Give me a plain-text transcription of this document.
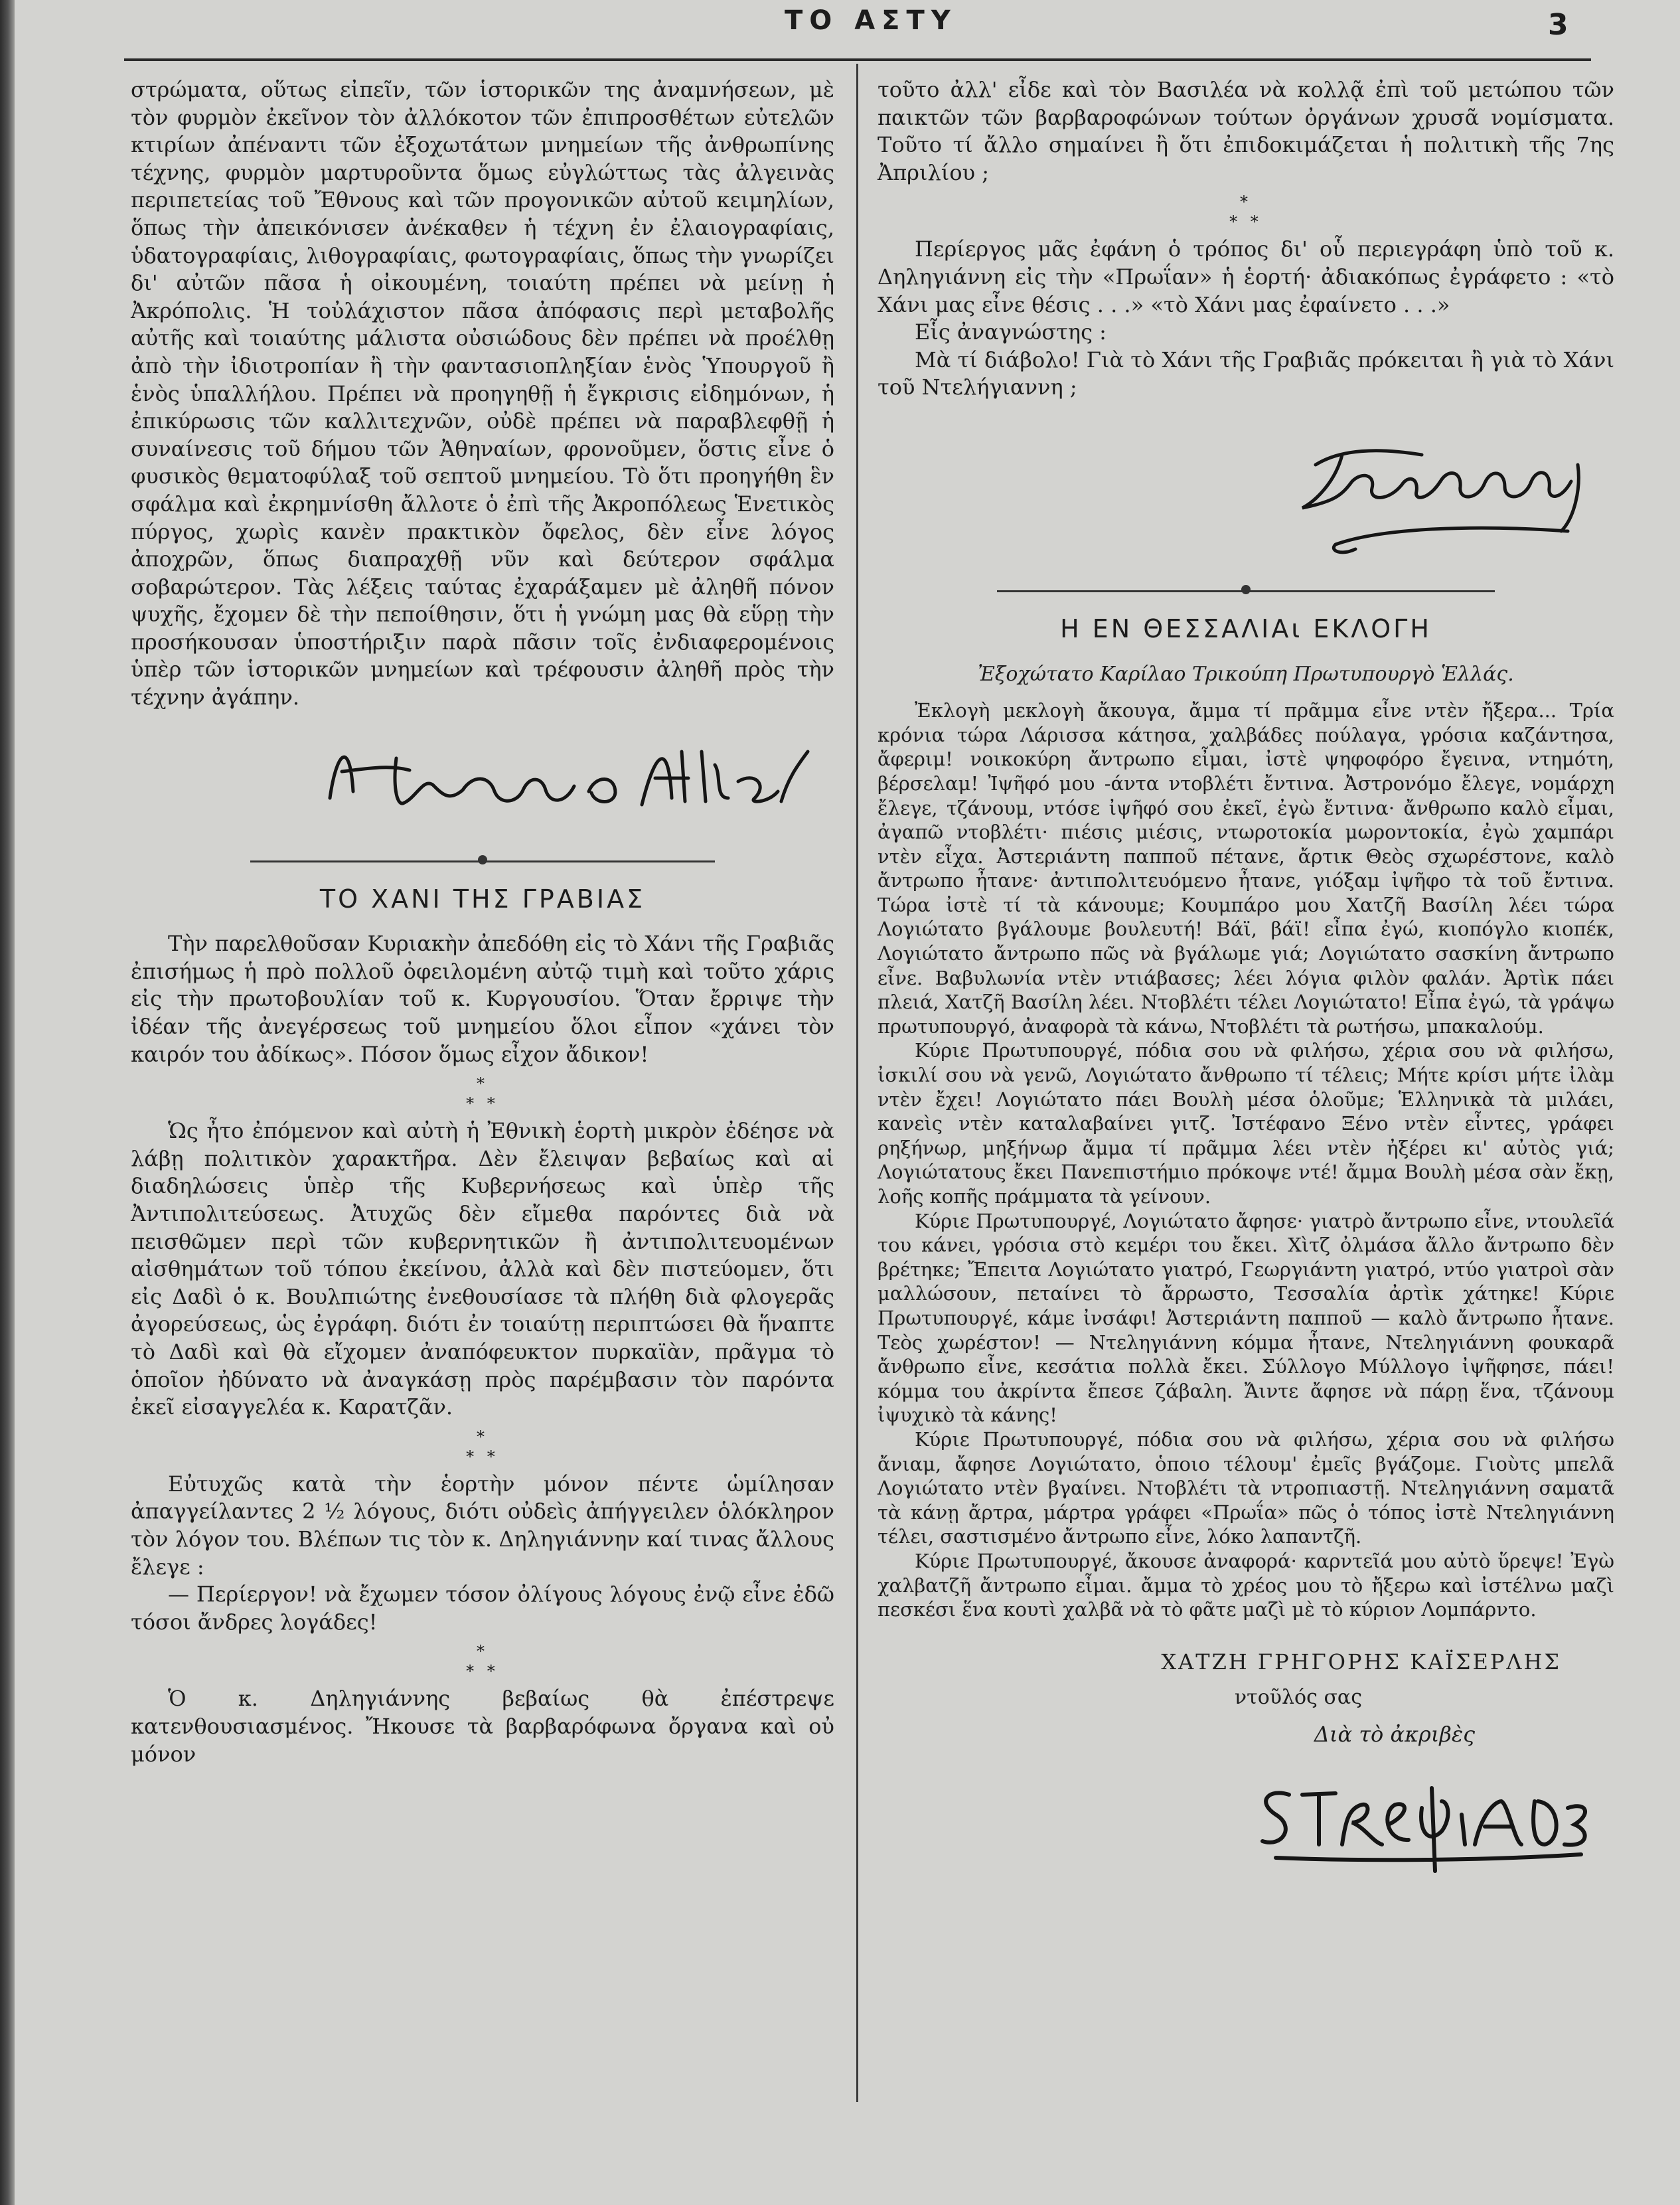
ΤΟ ΑΣΤΥ	3

στρώματα, οὕτως εἰπεῖν, τῶν ἱστορικῶν της ἀναμνήσεων, μὲ τὸν φυρμὸν ἐκεῖνον τὸν ἀλλόκοτον τῶν ἐπιπροσθέτων εὐτελῶν κτιρίων ἀπέναντι τῶν ἐξοχωτάτων μνημείων τῆς ἀνθρωπίνης τέχνης, φυρμὸν μαρτυροῦντα ὅμως εὐγλώττως τὰς ἀλγεινὰς περιπετείας τοῦ Ἔθνους καὶ τῶν προγονικῶν αὐτοῦ κειμηλίων, ὅπως τὴν ἀπεικόνισεν ἀνέκαθεν ἡ τέχνη ἐν ἐλαιογραφίαις, ὑδατογραφίαις, λιθογραφίαις, φωτογραφίαις, ὅπως τὴν γνωρίζει δι' αὐτῶν πᾶσα ἡ οἰκουμένη, τοιαύτη πρέπει νὰ μείνῃ ἡ Ἀκρόπολις. Ἡ τοὐλάχιστον πᾶσα ἀπόφασις περὶ μεταβολῆς αὐτῆς καὶ τοιαύτης μάλιστα οὐσιώδους δὲν πρέπει νὰ προέλθῃ ἀπὸ τὴν ἰδιοτροπίαν ἢ τὴν φαντασιοπληξίαν ἑνὸς Ὑπουργοῦ ἢ ἑνὸς ὑπαλλήλου. Πρέπει νὰ προηγηθῇ ἡ ἔγκρισις εἰδημόνων, ἡ ἐπικύρωσις τῶν καλλιτεχνῶν, οὐδὲ πρέπει νὰ παραβλεφθῇ ἡ συναίνεσις τοῦ δήμου τῶν Ἀθηναίων, φρονοῦμεν, ὅστις εἶνε ὁ φυσικὸς θεματοφύλαξ τοῦ σεπτοῦ μνημείου. Τὸ ὅτι προηγήθη ἓν σφάλμα καὶ ἐκρημνίσθη ἄλλοτε ὁ ἐπὶ τῆς Ἀκροπόλεως Ἑνετικὸς πύργος, χωρὶς κανὲν πρακτικὸν ὄφελος, δὲν εἶνε λόγος ἀποχρῶν, ὅπως διαπραχθῇ νῦν καὶ δεύτερον σφάλμα σοβαρώτερον. Τὰς λέξεις ταύτας ἐχαράξαμεν μὲ ἀληθῆ πόνον ψυχῆς, ἔχομεν δὲ τὴν πεποίθησιν, ὅτι ἡ γνώμη μας θὰ εὕρῃ τὴν προσήκουσαν ὑποστήριξιν παρὰ πᾶσιν τοῖς ἐνδιαφερομένοις ὑπὲρ τῶν ἱστορικῶν μνημείων καὶ τρέφουσιν ἀληθῆ πρὸς τὴν τέχνην ἀγάπην.

ΤΟ ΧΑΝΙ ΤΗΣ ΓΡΑΒΙΑΣ

Τὴν παρελθοῦσαν Κυριακὴν ἀπεδόθη εἰς τὸ Χάνι τῆς Γραβιᾶς ἐπισήμως ἡ πρὸ πολλοῦ ὀφειλομένη αὐτῷ τιμὴ καὶ τοῦτο χάρις εἰς τὴν πρωτοβουλίαν τοῦ κ. Κυργουσίου. Ὅταν ἔρριψε τὴν ἰδέαν τῆς ἀνεγέρσεως τοῦ μνημείου ὅλοι εἶπον «χάνει τὸν καιρόν του ἀδίκως». Πόσον ὅμως εἶχον ἄδικον!

*
* *

Ὡς ἦτο ἐπόμενον καὶ αὐτὴ ἡ Ἐθνικὴ ἑορτὴ μικρὸν ἐδέησε νὰ λάβῃ πολιτικὸν χαρακτῆρα. Δὲν ἔλειψαν βεβαίως καὶ αἱ διαδηλώσεις ὑπὲρ τῆς Κυβερνήσεως καὶ ὑπὲρ τῆς Ἀντιπολιτεύσεως. Ἀτυχῶς δὲν εἴμεθα παρόντες διὰ νὰ πεισθῶμεν περὶ τῶν κυβερνητικῶν ἢ ἀντιπολιτευομένων αἰσθημάτων τοῦ τόπου ἐκείνου, ἀλλὰ καὶ δὲν πιστεύομεν, ὅτι εἰς Δαδὶ ὁ κ. Βουλπιώτης ἐνεθουσίασε τὰ πλήθη διὰ φλογερᾶς ἀγορεύσεως, ὡς ἐγράφη. διότι ἐν τοιαύτῃ περιπτώσει θὰ ἥναπτε τὸ Δαδὶ καὶ θὰ εἴχομεν ἀναπόφευκτον πυρκαϊὰν, πρᾶγμα τὸ ὁποῖον ἠδύνατο νὰ ἀναγκάσῃ πρὸς παρέμβασιν τὸν παρόντα ἐκεῖ εἰσαγγελέα κ. Καρατζᾶν.

*
* *

Εὐτυχῶς κατὰ τὴν ἑορτὴν μόνον πέντε ὡμίλησαν ἀπαγγείλαντες 2 ½ λόγους, διότι οὐδεὶς ἀπήγγειλεν ὁλόκληρον τὸν λόγον του. Βλέπων τις τὸν κ. Δηληγιάννην καί τινας ἄλλους ἔλεγε :

— Περίεργον! νὰ ἔχωμεν τόσον ὀλίγους λόγους ἐνῷ εἶνε ἐδῶ τόσοι ἄνδρες λογάδες!

*
* *

Ὁ κ. Δηληγιάννης βεβαίως θὰ ἐπέστρεψε κατενθουσιασμένος. Ἤκουσε τὰ βαρβαρόφωνα ὄργανα καὶ οὐ μόνον

τοῦτο ἀλλ' εἶδε καὶ τὸν Βασιλέα νὰ κολλᾷ ἐπὶ τοῦ μετώπου τῶν παικτῶν τῶν βαρβαροφώνων τούτων ὀργάνων χρυσᾶ νομίσματα. Τοῦτο τί ἄλλο σημαίνει ἢ ὅτι ἐπιδοκιμάζεται ἡ πολιτικὴ τῆς 7ης Ἀπριλίου ;

*
* *

Περίεργος μᾶς ἐφάνη ὁ τρόπος δι' οὗ περιεγράφη ὑπὸ τοῦ κ. Δηληγιάννη εἰς τὴν «Πρωΐαν» ἡ ἑορτή· ἀδιακόπως ἐγράφετο : «τὸ Χάνι μας εἶνε θέσις . . .» «τὸ Χάνι μας ἐφαίνετο . . .»

Εἷς ἀναγνώστης :

Μὰ τί διάβολο! Γιὰ τὸ Χάνι τῆς Γραβιᾶς πρόκειται ἢ γιὰ τὸ Χάνι τοῦ Ντελήγιαννη ;

Η ΕΝ ΘΕΣΣΑΛΙΑι ΕΚΛΟΓΗ
Ἐξοχώτατο Καρίλαο Τρικούπη Πρωτυπουργὸ Ἑλλάς.

Ἐκλογὴ μεκλογὴ ἄκουγα, ἄμμα τί πρᾶμμα εἶνε ντὲν ἤξερα... Τρία κρόνια τώρα Λάρισσα κάτησα, χαλβάδες πούλαγα, γρόσια καζάντησα, ἄφεριμ! νοικοκύρη ἄντρωπο εἶμαι, ἰστὲ ψηφοφόρο ἔγεινα, ντημότη, βέρσελαμ! Ἰψῆφό μου ‑άντα ντοβλέτι ἔντινα. Ἀστρονόμο ἔλεγε, νομάρχη ἔλεγε, τζάνουμ, ντόσε ἰψῆφό σου ἐκεῖ, ἐγὼ ἔντινα· ἄνθρωπο καλὸ εἶμαι, ἀγαπῶ ντοβλέτι· πιέσις μιέσις, ντωροτοκία μωροντοκία, ἐγὼ χαμπάρι ντὲν εἶχα. Ἀστεριάντη παπποῦ πέτανε, ἄρτικ Θεὸς σχωρέστονε, καλὸ ἄντρωπο ἦτανε· ἀντιπολιτευόμενο ἦτανε, γιόξαμ ἰψῆφο τὰ τοῦ ἔντινα. Τώρα ἰστὲ τί τὰ κάνουμε; Κουμπάρο μου Χατζῆ Βασίλη λέει τώρα Λογιώτατο βγάλουμε βουλευτή! Βάϊ, βάϊ! εἶπα ἐγώ, κιοπόγλο κιοπέκ, Λογιώτατο ἄντρωπο πῶς νὰ βγάλωμε γιά; Λογιώτατο σασκίνη ἄντρωπο εἶνε. Βαβυλωνία ντὲν ντιάβασες; λέει λόγια φιλὸν φαλάν. Ἀρτὶκ πάει πλειά, Χατζῆ Βασίλη λέει. Ντοβλέτι τέλει Λογιώτατο! Εἶπα ἐγώ, τὰ γράψω πρωτυπουργό, ἀναφορὰ τὰ κάνω, Ντοβλέτι τὰ ρωτήσω, μπακαλούμ.

Κύριε Πρωτυπουργέ, πόδια σου νὰ φιλήσω, χέρια σου νὰ φιλήσω, ἰσκιλί σου νὰ γενῶ, Λογιώτατο ἄνθρωπο τί τέλεις; Μήτε κρίσι μήτε ἰλὰμ ντὲν ἔχει! Λογιώτατο πάει Βουλὴ μέσα ὁλοῦμε; Ἑλληνικὰ τὰ μιλάει, κανεὶς ντὲν καταλαβαίνει γιτζ. Ἰστέφανο Ξένο ντὲν εἶντες, γράφει ρηξήνωρ, μηξήνωρ ἄμμα τί πρᾶμμα λέει ντὲν ἠξέρει κι' αὐτὸς γιά; Λογιώτατους ἔκει Πανεπιστήμιο πρόκοψε ντέ! ἄμμα Βουλὴ μέσα σὰν ἔκῃ, λοῆς κοπῆς πράμματα τὰ γείνουν.

Κύριε Πρωτυπουργέ, Λογιώτατο ἄφησε· γιατρὸ ἄντρωπο εἶνε, ντουλεῖά του κάνει, γρόσια στὸ κεμέρι του ἔκει. Χὶτζ ὀλμάσα ἄλλο ἄντρωπο δὲν βρέτηκε; Ἔπειτα Λογιώτατο γιατρό, Γεωργιάντη γιατρό, ντύο γιατροὶ σὰν μαλλώσουν, πεταίνει τὸ ἄρρωστο, Τεσσαλία ἀρτὶκ χάτηκε! Κύριε Πρωτυπουργέ, κάμε ἰνσάφι! Ἀστεριάντη παπποῦ — καλὸ ἄντρωπο ἦτανε. Τεὸς χωρέστον! — Ντεληγιάννη κόμμα ἦτανε, Ντεληγιάννη φουκαρᾶ ἄνθρωπο εἶνε, κεσάτια πολλὰ ἔκει. Σύλλογο Μύλλογο ἰψῆφησε, πάει! κόμμα του ἀκρίντα ἔπεσε ζάβαλη. Ἄιντε ἄφησε νὰ πάρῃ ἕνα, τζάνουμ ἰψυχικὸ τὰ κάνης!

Κύριε Πρωτυπουργέ, πόδια σου νὰ φιλήσω, χέρια σου νὰ φιλήσω ἄνιαμ, ἄφησε Λογιώτατο, ὁποιο τέλουμ' ἐμεῖς βγάζομε. Γιοὺτς μπελᾶ Λογιώτατο ντὲν βγαίνει. Ντοβλέτι τὰ ντροπιαστῇ. Ντεληγιάννη σαματᾶ τὰ κάνῃ ἄρτρα, μάρτρα γράφει «Πρωΐα» πῶς ὁ τόπος ἰστὲ Ντεληγιάννη τέλει, σαστισμένο ἄντρωπο εἶνε, λόκο λαπαντζῆ.

Κύριε Πρωτυπουργέ, ἄκουσε ἀναφορά· καρντεῖά μου αὐτὸ ὕρεψε! Ἐγὼ χαλβατζῆ ἄντρωπο εἶμαι. ἄμμα τὸ χρέος μου τὸ ἤξερω καὶ ἰστέλνω μαζὶ πεσκέσι ἕνα κουτὶ χαλβᾶ νὰ τὸ φᾶτε μαζὶ μὲ τὸ κύριον Λομπάρντο.

ΧΑΤΖΗ ΓΡΗΓΟΡΗΣ ΚΑΪΣΕΡΛΗΣ
ντοῦλός σας
Διὰ τὸ ἀκριβὲς
